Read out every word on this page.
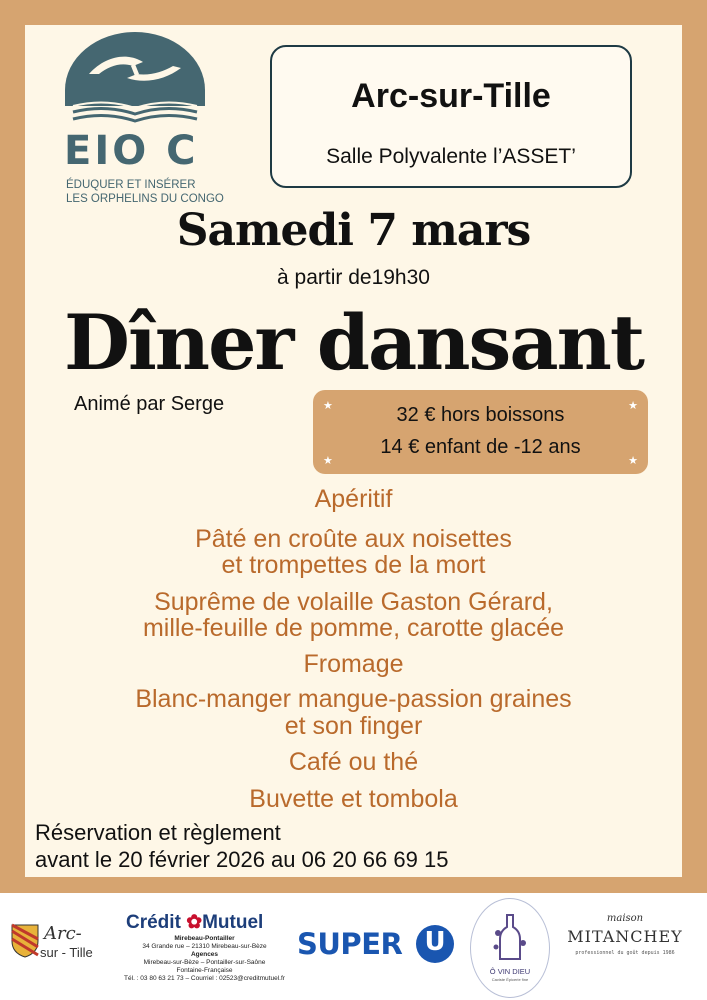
EIO C
ÉDUQUER ET INSÉRER
LES ORPHELINS DU CONGO
Arc-sur-Tille
Salle Polyvalente l’ASSET’
Samedi 7 mars
à partir de19h30
Dîner dansant
Animé par Serge	★	★
★	★
32 € hors boissons
14 € enfant de -12 ans
Apéritif
Pâté en croûte aux noisettes
et trompettes de la mort
Suprême de volaille Gaston Gérard,
mille-feuille de pomme, carotte glacée
Fromage
Blanc-manger mangue-passion graines
et son finger
Café ou thé
Buvette et tombola
Réservation et règlement
avant le 20 février 2026 au 06 20 66 69 15
Arc-
sur - Tille
Crédit ✿Mutuel
Mirebeau-Pontailler
34 Grande rue – 21310 Mirebeau-sur-Bèze
Agences
Mirebeau-sur-Bèze – Pontailler-sur-Saône
Fontaine-Française
Tél. : 03 80 63 21 73 – Courriel : 02523@creditmutuel.fr
SUPER U
Ô VIN DIEU
Caviste Épicerie fine
maison
MITANCHEY
professionnel du goût depuis 1986
